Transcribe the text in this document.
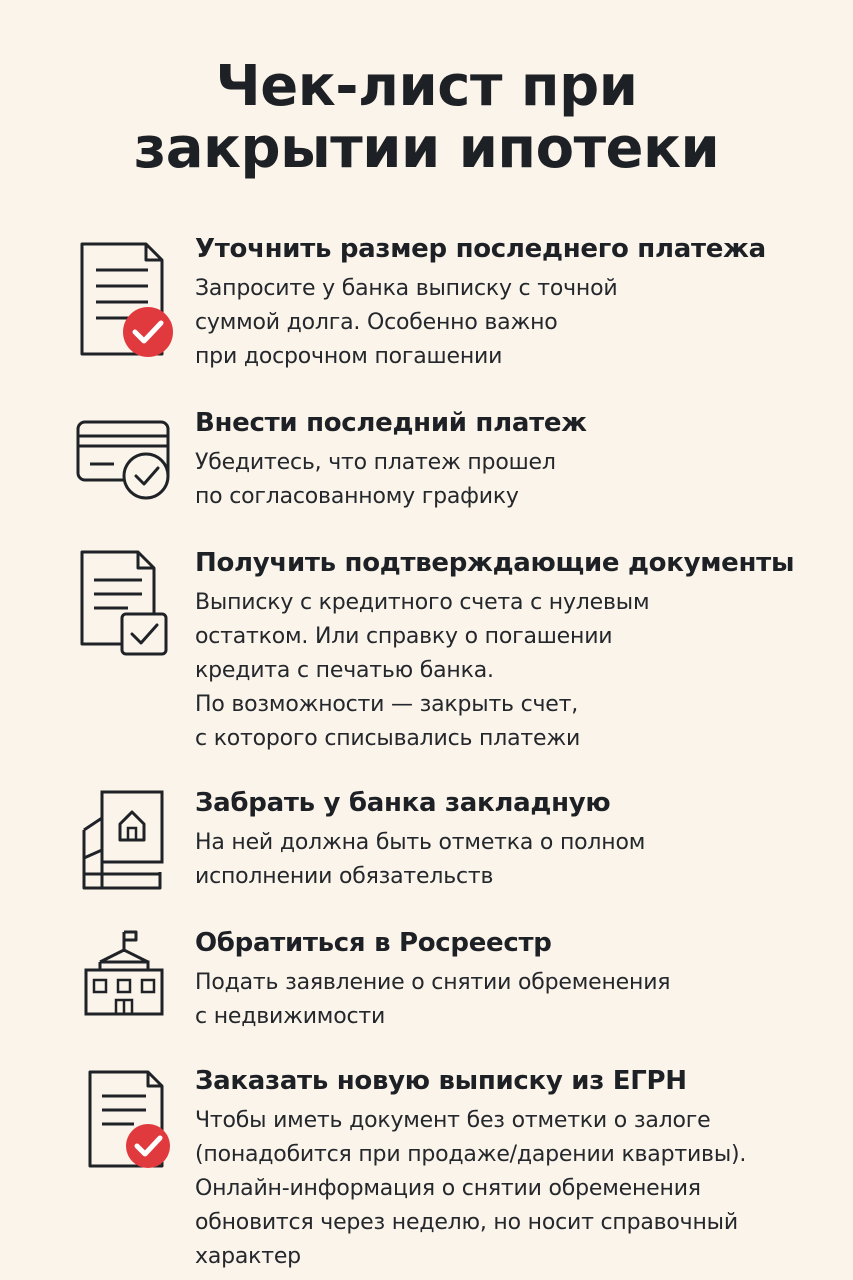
Чек-лист при
закрытии ипотеки
Уточнить размер последнего платежа
Запросите у банка выписку с точной
суммой долга. Особенно важно
при досрочном погашении
Внести последний платеж
Убедитесь, что платеж прошел
по согласованному графику
Получить подтверждающие документы
Выписку с кредитного счета с нулевым
остатком. Или справку о погашении
кредита с печатью банка.
По возможности — закрыть счет,
с которого списывались платежи
Забрать у банка закладную
На ней должна быть отметка о полном
исполнении обязательств
Обратиться в Росреестр
Подать заявление о снятии обременения
с недвижимости
Заказать новую выписку из ЕГРН
Чтобы иметь документ без отметки о залоге
(понадобится при продаже/дарении квартивы).
Онлайн-информация о снятии обременения
обновится через неделю, но носит справочный
характер
